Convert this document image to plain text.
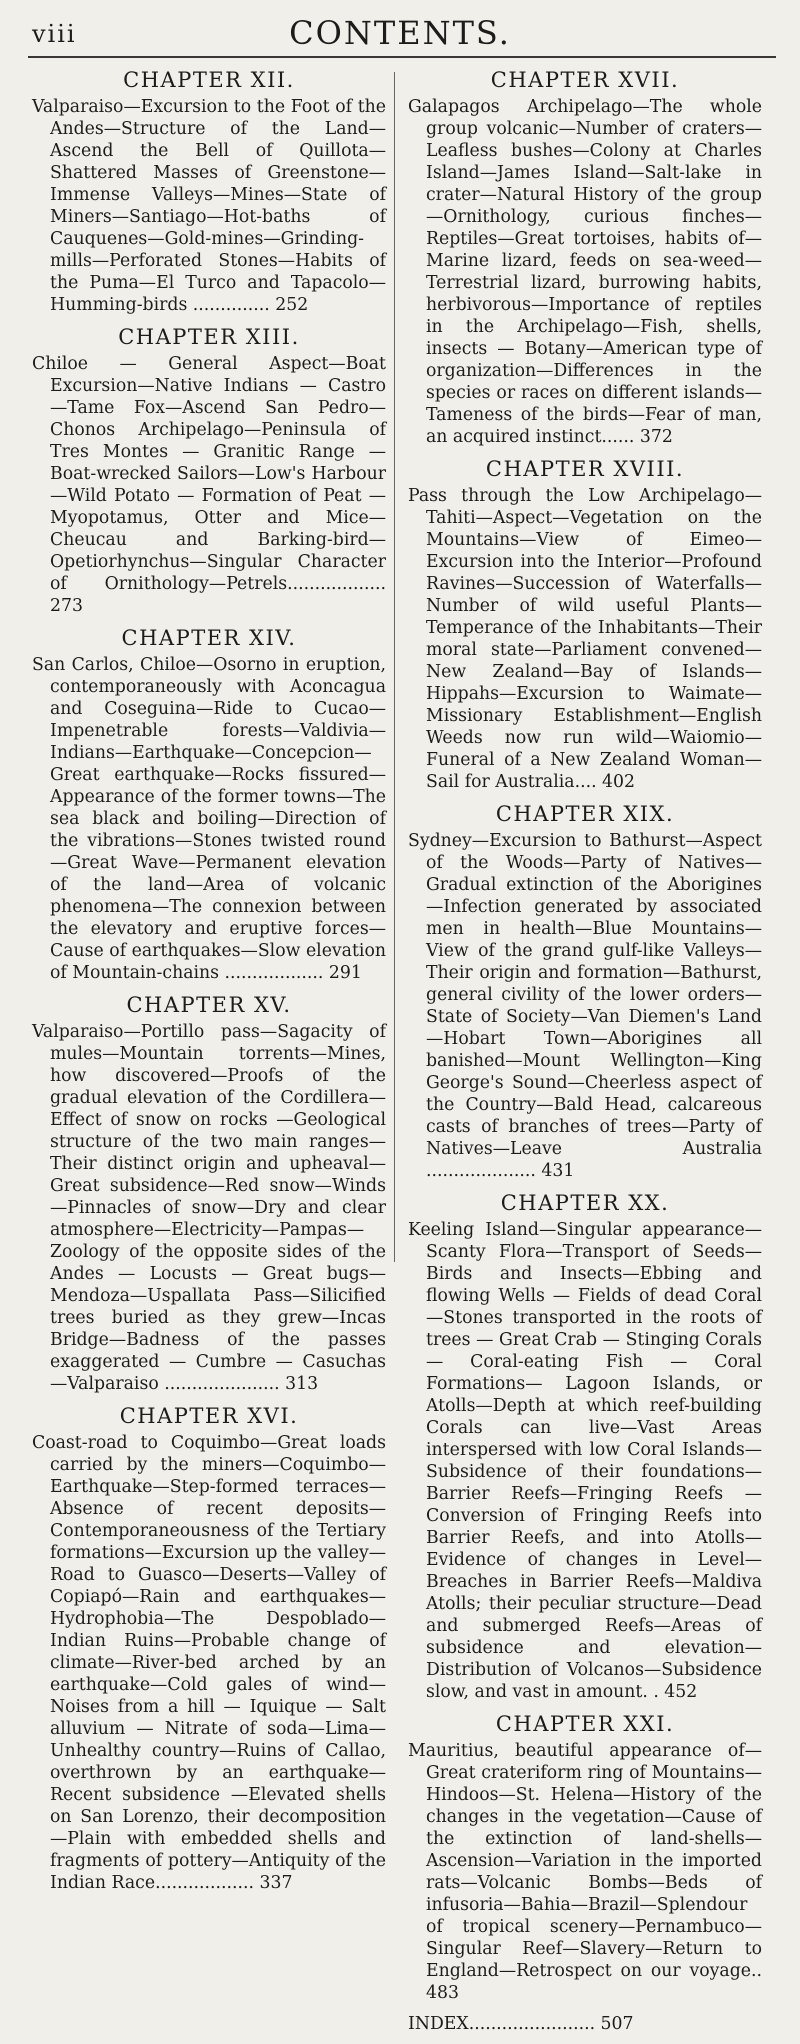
viii	CONTENTS.
CHAPTER XII.

Valparaiso—Excursion to the Foot of the Andes—Structure of the Land—Ascend the Bell of Quillota—Shattered Masses of Greenstone—Immense Valleys—Mines—State of Miners—Santiago—Hot-baths of Cauquenes—Gold-mines—Grinding-mills—Perforated Stones—Habits of the Puma—El Turco and Tapacolo—Humming-birds .............. 252

CHAPTER XIII.

Chiloe — General Aspect—Boat Excursion—Native Indians — Castro—Tame Fox—Ascend San Pedro—Chonos Archipelago—Peninsula of Tres Montes — Granitic Range — Boat-wrecked Sailors—Low's Harbour—Wild Potato — Formation of Peat — Myopotamus, Otter and Mice—Cheucau and Barking-bird—Opetiorhynchus—Singular Character of Ornithology—Petrels.................. 273

CHAPTER XIV.

San Carlos, Chiloe—Osorno in eruption, contemporaneously with Aconcagua and Coseguina—Ride to Cucao—Impenetrable forests—Valdivia—Indians—Earthquake—Concepcion—Great earthquake—Rocks fissured—Appearance of the former towns—The sea black and boiling—Direction of the vibrations—Stones twisted round—Great Wave—Permanent elevation of the land—Area of volcanic phenomena—The connexion between the elevatory and eruptive forces—Cause of earthquakes—Slow elevation of Mountain-chains .................. 291

CHAPTER XV.

Valparaiso—Portillo pass—Sagacity of mules—Mountain torrents—Mines, how discovered—Proofs of the gradual elevation of the Cordillera—Effect of snow on rocks —Geological structure of the two main ranges—Their distinct origin and upheaval—Great subsidence—Red snow—Winds—Pinnacles of snow—Dry and clear atmosphere—Electricity—Pampas—Zoology of the opposite sides of the Andes — Locusts — Great bugs—Mendoza—Uspallata Pass—Silicified trees buried as they grew—Incas Bridge—Badness of the passes exaggerated — Cumbre — Casuchas—Valparaiso ..................... 313

CHAPTER XVI.

Coast-road to Coquimbo—Great loads carried by the miners—Coquimbo—Earthquake—Step-formed terraces—Absence of recent deposits—Contemporaneousness of the Tertiary formations—Excursion up the valley—Road to Guasco—Deserts—Valley of Copiapó—Rain and earthquakes—Hydrophobia—The Despoblado—Indian Ruins—Probable change of climate—River-bed arched by an earthquake—Cold gales of wind—Noises from a hill — Iquique — Salt alluvium — Nitrate of soda—Lima—Unhealthy country—Ruins of Callao, overthrown by an earthquake—Recent subsidence —Elevated shells on San Lorenzo, their decomposition—Plain with embedded shells and fragments of pottery—Antiquity of the Indian Race.................. 337

CHAPTER XVII.

Galapagos Archipelago—The whole group volcanic—Number of craters—Leafless bushes—Colony at Charles Island—James Island—Salt-lake in crater—Natural History of the group—Ornithology, curious finches—Reptiles—Great tortoises, habits of—Marine lizard, feeds on sea-weed—Terrestrial lizard, burrowing habits, herbivorous—Importance of reptiles in the Archipelago—Fish, shells, insects — Botany—American type of organization—Differences in the species or races on different islands—Tameness of the birds—Fear of man, an acquired instinct...... 372

CHAPTER XVIII.

Pass through the Low Archipelago—Tahiti—Aspect—Vegetation on the Mountains—View of Eimeo—Excursion into the Interior—Profound Ravines—Succession of Waterfalls—Number of wild useful Plants—Temperance of the Inhabitants—Their moral state—Parliament convened—New Zealand—Bay of Islands—Hippahs—Excursion to Waimate—Missionary Establishment—English Weeds now run wild—Waiomio—Funeral of a New Zealand Woman—Sail for Australia.... 402

CHAPTER XIX.

Sydney—Excursion to Bathurst—Aspect of the Woods—Party of Natives—Gradual extinction of the Aborigines—Infection generated by associated men in health—Blue Mountains—View of the grand gulf-like Valleys—Their origin and formation—Bathurst, general civility of the lower orders—State of Society—Van Diemen's Land—Hobart Town—Aborigines all banished—Mount Wellington—King George's Sound—Cheerless aspect of the Country—Bald Head, calcareous casts of branches of trees—Party of Natives—Leave Australia .................... 431

CHAPTER XX.

Keeling Island—Singular appearance—Scanty Flora—Transport of Seeds—Birds and Insects—Ebbing and flowing Wells — Fields of dead Coral—Stones transported in the roots of trees — Great Crab — Stinging Corals — Coral-eating Fish — Coral Formations— Lagoon Islands, or Atolls—Depth at which reef-building Corals can live—Vast Areas interspersed with low Coral Islands—Subsidence of their foundations—Barrier Reefs—Fringing Reefs —Conversion of Fringing Reefs into Barrier Reefs, and into Atolls—Evidence of changes in Level—Breaches in Barrier Reefs—Maldiva Atolls; their peculiar structure—Dead and submerged Reefs—Areas of subsidence and elevation—Distribution of Volcanos—Subsidence slow, and vast in amount. . 452

CHAPTER XXI.

Mauritius, beautiful appearance of—Great crateriform ring of Mountains—Hindoos—St. Helena—History of the changes in the vegetation—Cause of the extinction of land-shells—Ascension—Variation in the imported rats—Volcanic Bombs—Beds of infusoria—Bahia—Brazil—Splendour of tropical scenery—Pernambuco—Singular Reef—Slavery—Return to England—Retrospect on our voyage.. 483

INDEX....................... 507
